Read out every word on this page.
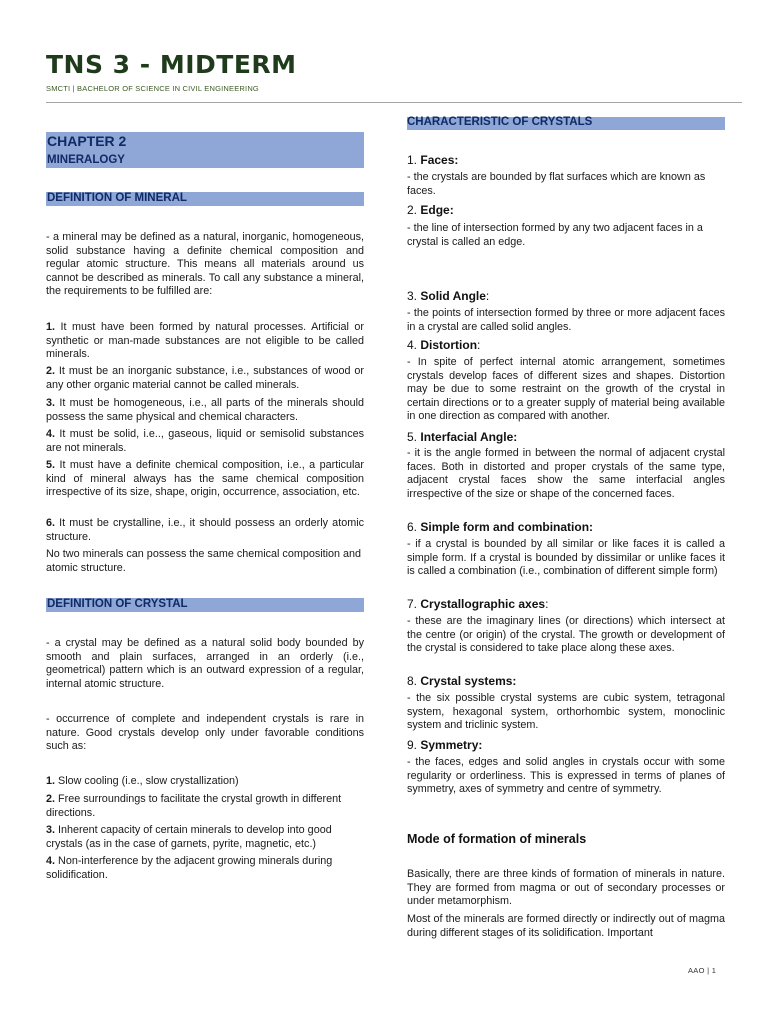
TNS 3 - MIDTERM
SMCTI | BACHELOR OF SCIENCE IN CIVIL ENGINEERING
CHAPTER 2
MINERALOGY
DEFINITION OF MINERAL
- a mineral may be defined as a natural, inorganic, homogeneous, solid substance having a definite chemical composition and regular atomic structure. This means all materials around us cannot be described as minerals. To call any substance a mineral, the requirements to be fulfilled are:
1. It must have been formed by natural processes. Artificial or synthetic or man-made substances are not eligible to be called minerals.
2. It must be an inorganic substance, i.e., substances of wood or any other organic material cannot be called minerals.
3. It must be homogeneous, i.e., all parts of the minerals should possess the same physical and chemical characters.
4. It must be solid, i.e.., gaseous, liquid or semisolid substances are not minerals.
5. It must have a definite chemical composition, i.e., a particular kind of mineral always has the same chemical composition irrespective of its size, shape, origin, occurrence, association, etc.
6. It must be crystalline, i.e., it should possess an orderly atomic structure.
No two minerals can possess the same chemical composition and atomic structure.
DEFINITION OF CRYSTAL
- a crystal may be defined as a natural solid body bounded by smooth and plain surfaces, arranged in an orderly (i.e., geometrical) pattern which is an outward expression of a regular, internal atomic structure.
- occurrence of complete and independent crystals is rare in nature. Good crystals develop only under favorable conditions such as:
1. Slow cooling (i.e., slow crystallization)
2. Free surroundings to facilitate the crystal growth in different directions.
3. Inherent capacity of certain minerals to develop into good crystals (as in the case of garnets, pyrite, magnetic, etc.)
4. Non-interference by the adjacent growing minerals during solidification.
CHARACTERISTIC OF CRYSTALS
1. Faces:
- the crystals are bounded by flat surfaces which are known as faces.
2. Edge:
- the line of intersection formed by any two adjacent faces in a crystal is called an edge.
3. Solid Angle:
- the points of intersection formed by three or more adjacent faces in a crystal are called solid angles.
4. Distortion:
- In spite of perfect internal atomic arrangement, sometimes crystals develop faces of different sizes and shapes. Distortion may be due to some restraint on the growth of the crystal in certain directions or to a greater supply of material being available in one direction as compared with another.
5. Interfacial Angle:
- it is the angle formed in between the normal of adjacent crystal faces. Both in distorted and proper crystals of the same type, adjacent crystal faces show the same interfacial angles irrespective of the size or shape of the concerned faces.
6. Simple form and combination:
- if a crystal is bounded by all similar or like faces it is called a simple form. If a crystal is bounded by dissimilar or unlike faces it is called a combination (i.e., combination of different simple form)
7. Crystallographic axes:
- these are the imaginary lines (or directions) which intersect at the centre (or origin) of the crystal. The growth or development of the crystal is considered to take place along these axes.
8. Crystal systems:
- the six possible crystal systems are cubic system, tetragonal system, hexagonal system, orthorhombic system, monoclinic system and triclinic system.
9. Symmetry:
- the faces, edges and solid angles in crystals occur with some regularity or orderliness. This is expressed in terms of planes of symmetry, axes of symmetry and centre of symmetry.
Mode of formation of minerals
Basically, there are three kinds of formation of minerals in nature. They are formed from magma or out of secondary processes or under metamorphism.
Most of the minerals are formed directly or indirectly out of magma during different stages of its solidification. Important
AAO | 1
